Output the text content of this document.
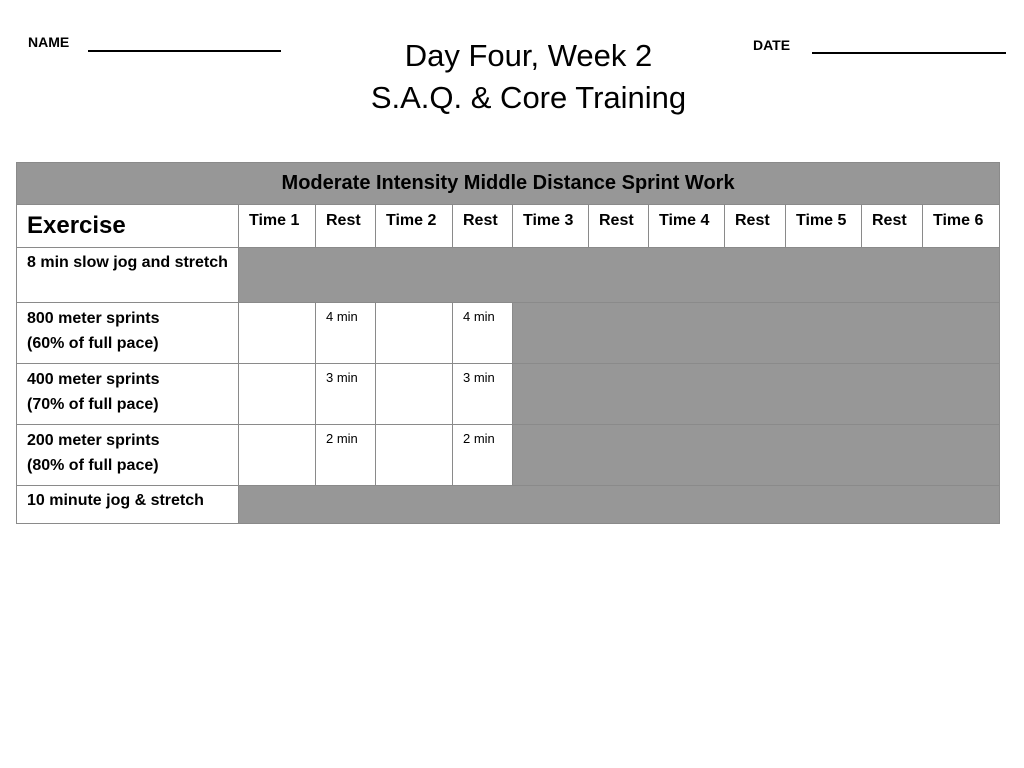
NAME	DATE
Day Four, Week 2
S.A.Q. & Core Training
Moderate Intensity Middle Distance Sprint Work											
Exercise	Time 1	Rest	Time 2	Rest	Time 3	Rest	Time 4	Rest	Time 5	Rest	Time 6
8 min slow jog and stretch											

800 meter sprints
(60% of full pace)		4 min		4 min							

400 meter sprints
(70% of full pace)		3 min		3 min							

200 meter sprints
(80% of full pace)		2 min		2 min							
10 minute jog & stretch											
